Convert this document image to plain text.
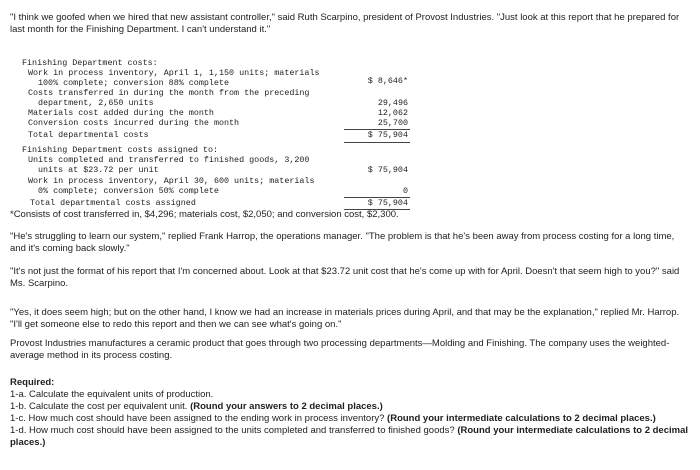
"I think we goofed when we hired that new assistant controller," said Ruth Scarpino, president of Provost Industries. "Just look at this report that he prepared for last month for the Finishing Department. I can't understand it."

Finishing Department costs:
Work in process inventory, April 1, 1,150 units; materials
100% complete; conversion 88% complete	$ 8,646*
Costs transferred in during the month from the preceding
department, 2,650 units	29,496
Materials cost added during the month	12,062
Conversion costs incurred during the month	25,700
Total departmental costs	$ 75,904
Finishing Department costs assigned to:
Units completed and transferred to finished goods, 3,200
units at $23.72 per unit	$ 75,904
Work in process inventory, April 30, 600 units; materials
0% complete; conversion 50% complete	0
Total departmental costs assigned	$ 75,904

*Consists of cost transferred in, $4,296; materials cost, $2,050; and conversion cost, $2,300.

"He's struggling to learn our system," replied Frank Harrop, the operations manager. "The problem is that he's been away from process costing for a long time, and it's coming back slowly."

"It's not just the format of his report that I'm concerned about. Look at that $23.72 unit cost that he's come up with for April. Doesn't that seem high to you?" said Ms. Scarpino.

"Yes, it does seem high; but on the other hand, I know we had an increase in materials prices during April, and that may be the explanation," replied Mr. Harrop. "I'll get someone else to redo this report and then we can see what's going on."

Provost Industries manufactures a ceramic product that goes through two processing departments—Molding and Finishing. The company uses the weighted-average method in its process costing.

Required:
1-a. Calculate the equivalent units of production.
1-b. Calculate the cost per equivalent unit. (Round your answers to 2 decimal places.)
1-c. How much cost should have been assigned to the ending work in process inventory? (Round your intermediate calculations to 2 decimal places.)
1-d. How much cost should have been assigned to the units completed and transferred to finished goods? (Round your intermediate calculations to 2 decimal places.)
